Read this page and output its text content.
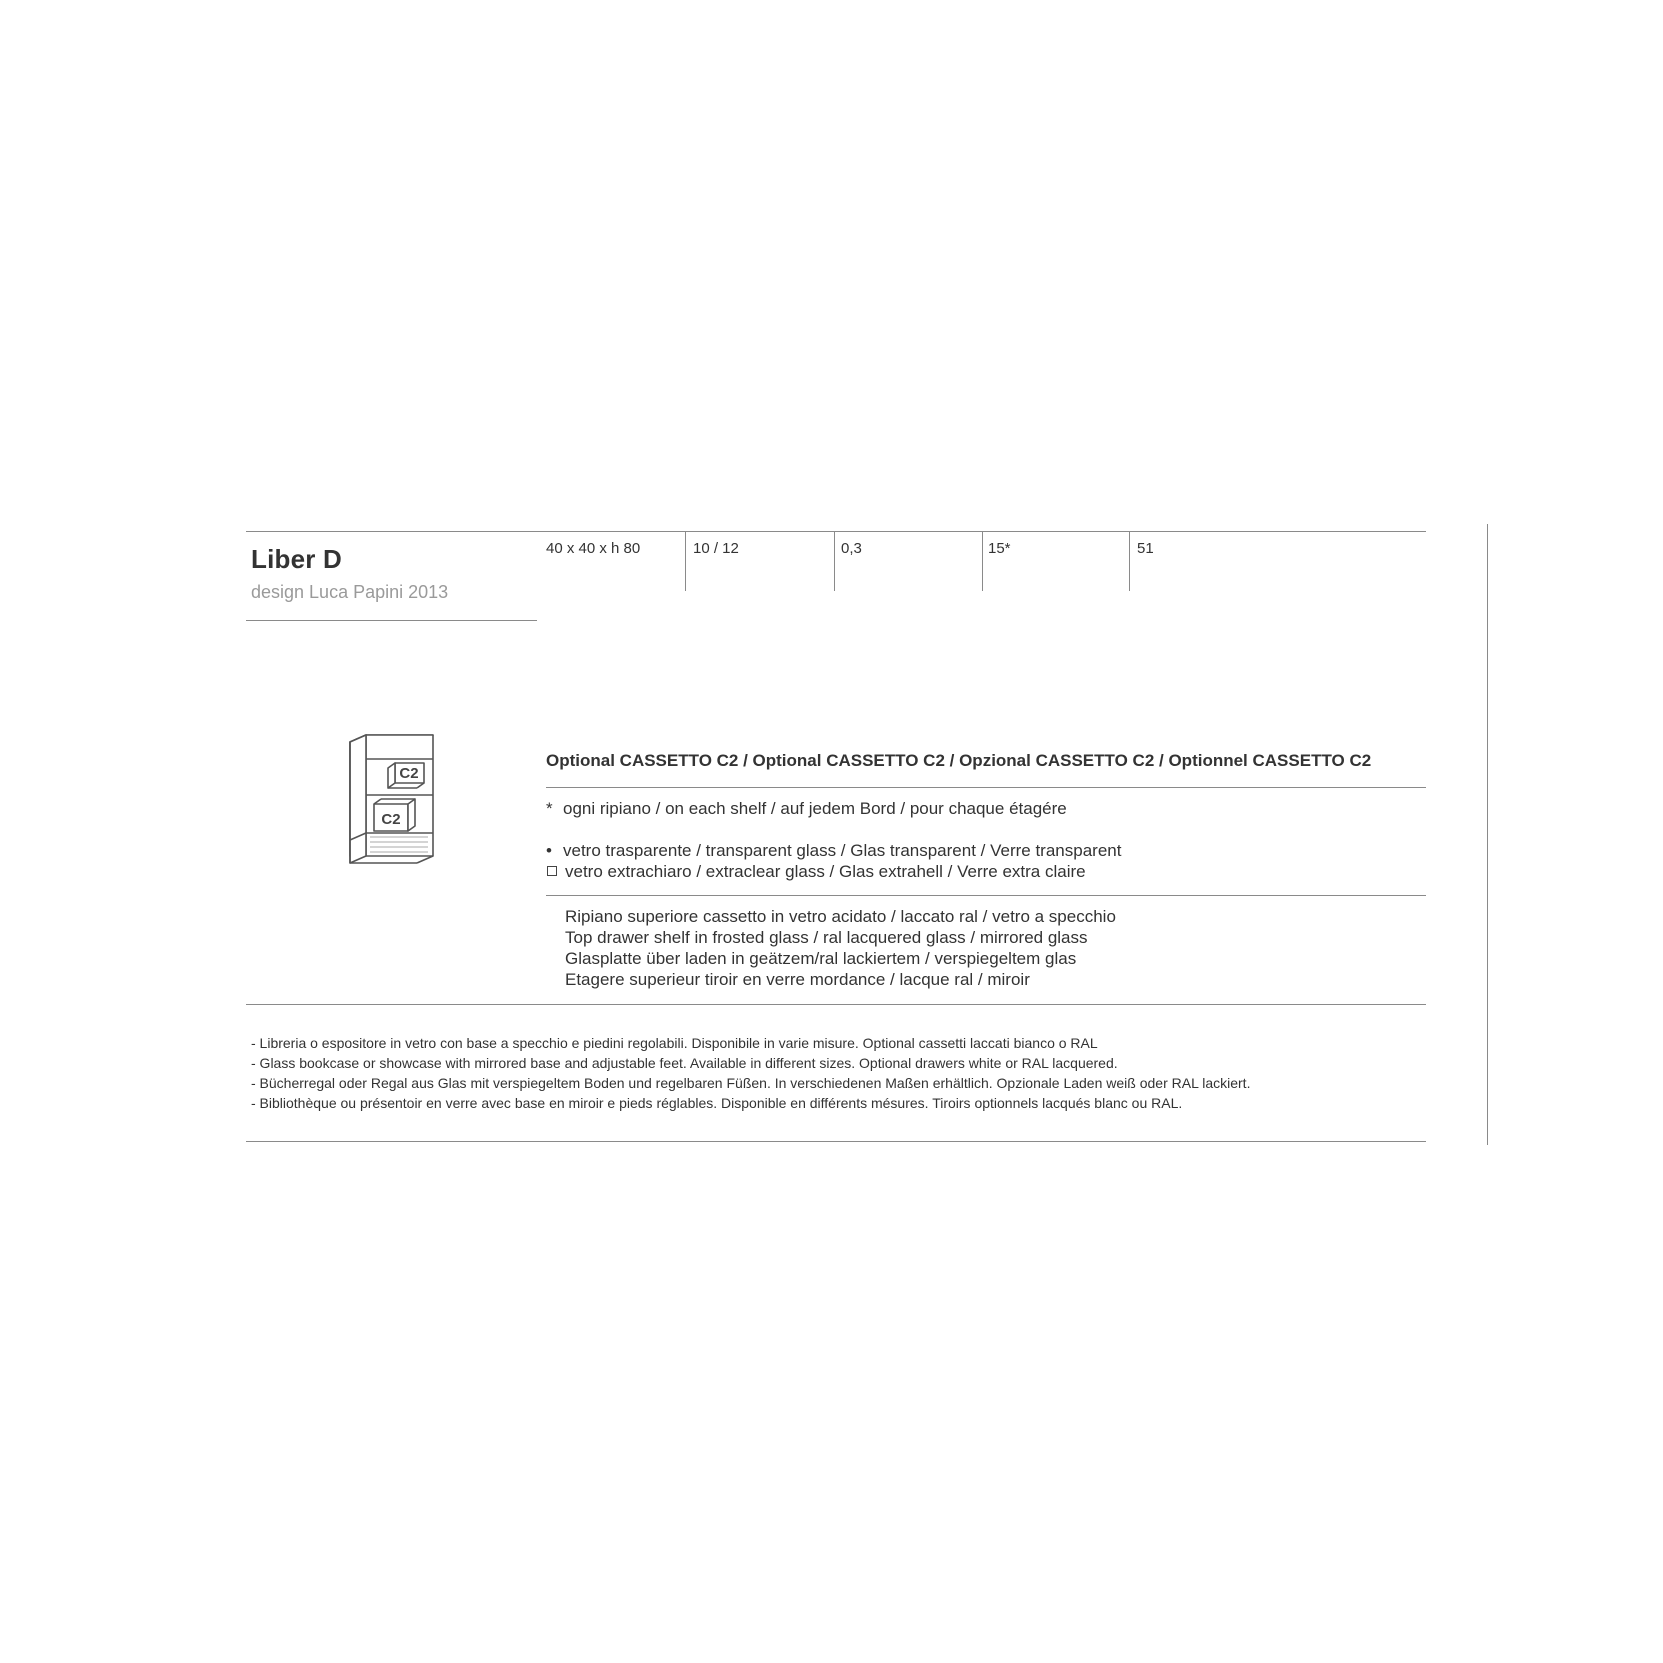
Liber D
design Luca Papini 2013
40 x 40 x h 80	10 / 12	0,3	15*	51
C2
C2
Optional CASSETTO C2 / Optional CASSETTO C2 / Opzional CASSETTO C2 / Optionnel CASSETTO C2
* ogni ripiano / on each shelf / auf jedem Bord / pour chaque étagére
• vetro trasparente / transparent glass / Glas transparent / Verre transparent
vetro extrachiaro / extraclear glass / Glas extrahell / Verre extra claire
Ripiano superiore cassetto in vetro acidato / laccato ral / vetro a specchio
Top drawer shelf in frosted glass / ral lacquered glass / mirrored glass
Glasplatte über laden in geätzem/ral lackiertem / verspiegeltem glas
Etagere superieur tiroir en verre mordance / lacque ral / miroir
- Libreria o espositore in vetro con base a specchio e piedini regolabili. Disponibile in varie misure. Optional cassetti laccati bianco o RAL
- Glass bookcase or showcase with mirrored base and adjustable feet. Available in different sizes. Optional drawers white or RAL lacquered.
- Bücherregal oder Regal aus Glas mit verspiegeltem Boden und regelbaren Füßen. In verschiedenen Maßen erhältlich. Opzionale Laden weiß oder RAL lackiert.
- Bibliothèque ou présentoir en verre avec base en miroir e pieds réglables. Disponible en différents mésures. Tiroirs optionnels lacqués blanc ou RAL.
